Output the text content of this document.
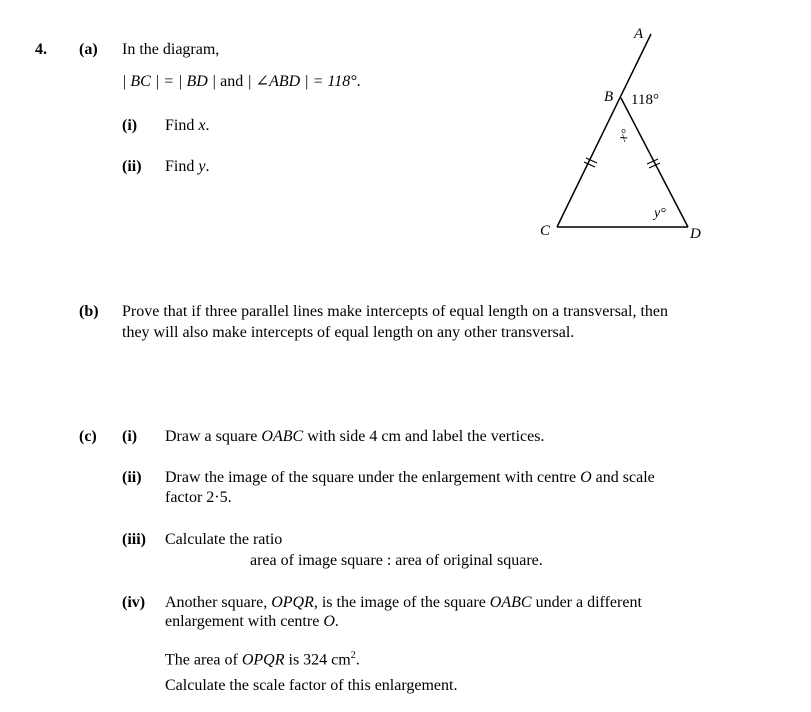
4. (a) In the diagram,
| BC | = | BD | and | ∠ABD | = 118°.
(i) Find x.
(ii) Find y.
A
B
C	D
118°
x°
y°
(b) Prove that if three parallel lines make intercepts of equal length on a transversal, then
they will also make intercepts of equal length on any other transversal.
(c) (i) Draw a square OABC with side 4 cm and label the vertices.
(ii) Draw the image of the square under the enlargement with centre O and scale
factor 2·5.
(iii) Calculate the ratio
area of image square : area of original square.
(iv) Another square, OPQR, is the image of the square OABC under a different
enlargement with centre O.
The area of OPQR is 324 $cm^2$.
Calculate the scale factor of this enlargement.
